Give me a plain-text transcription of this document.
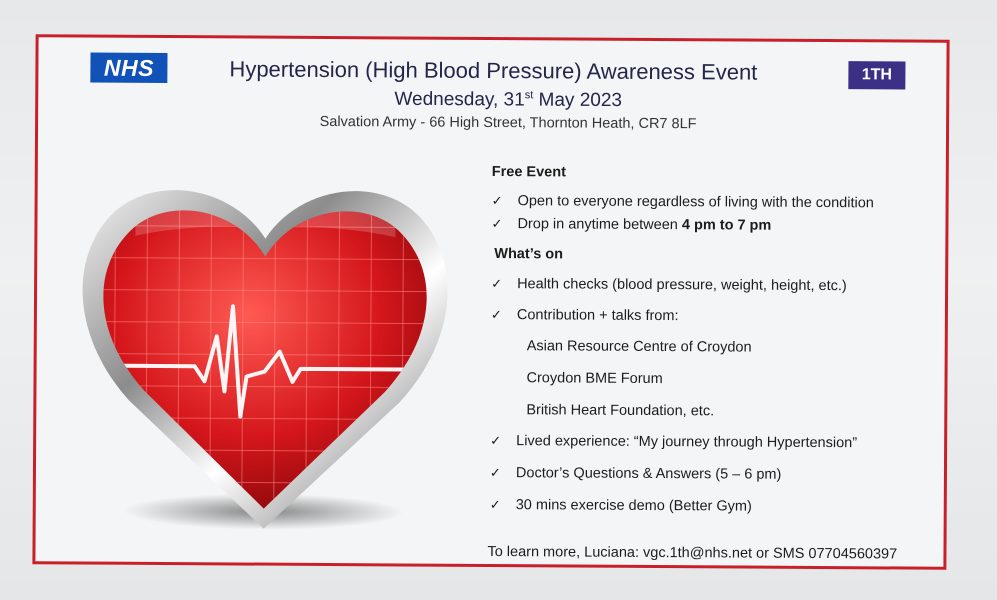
NHS	1TH
Hypertension (High Blood Pressure) Awareness Event
Wednesday, 31st May 2023
Salvation Army - 66 High Street, Thornton Heath, CR7 8LF
Free Event
✓ Open to everyone regardless of living with the condition
✓ Drop in anytime between 4 pm to 7 pm
What’s on
✓ Health checks (blood pressure, weight, height, etc.)
✓ Contribution + talks from:
Asian Resource Centre of Croydon
Croydon BME Forum
British Heart Foundation, etc.
✓ Lived experience: “My journey through Hypertension”
✓ Doctor’s Questions & Answers (5 – 6 pm)
✓ 30 mins exercise demo (Better Gym)
To learn more, Luciana: vgc.1th@nhs.net or SMS 07704560397
